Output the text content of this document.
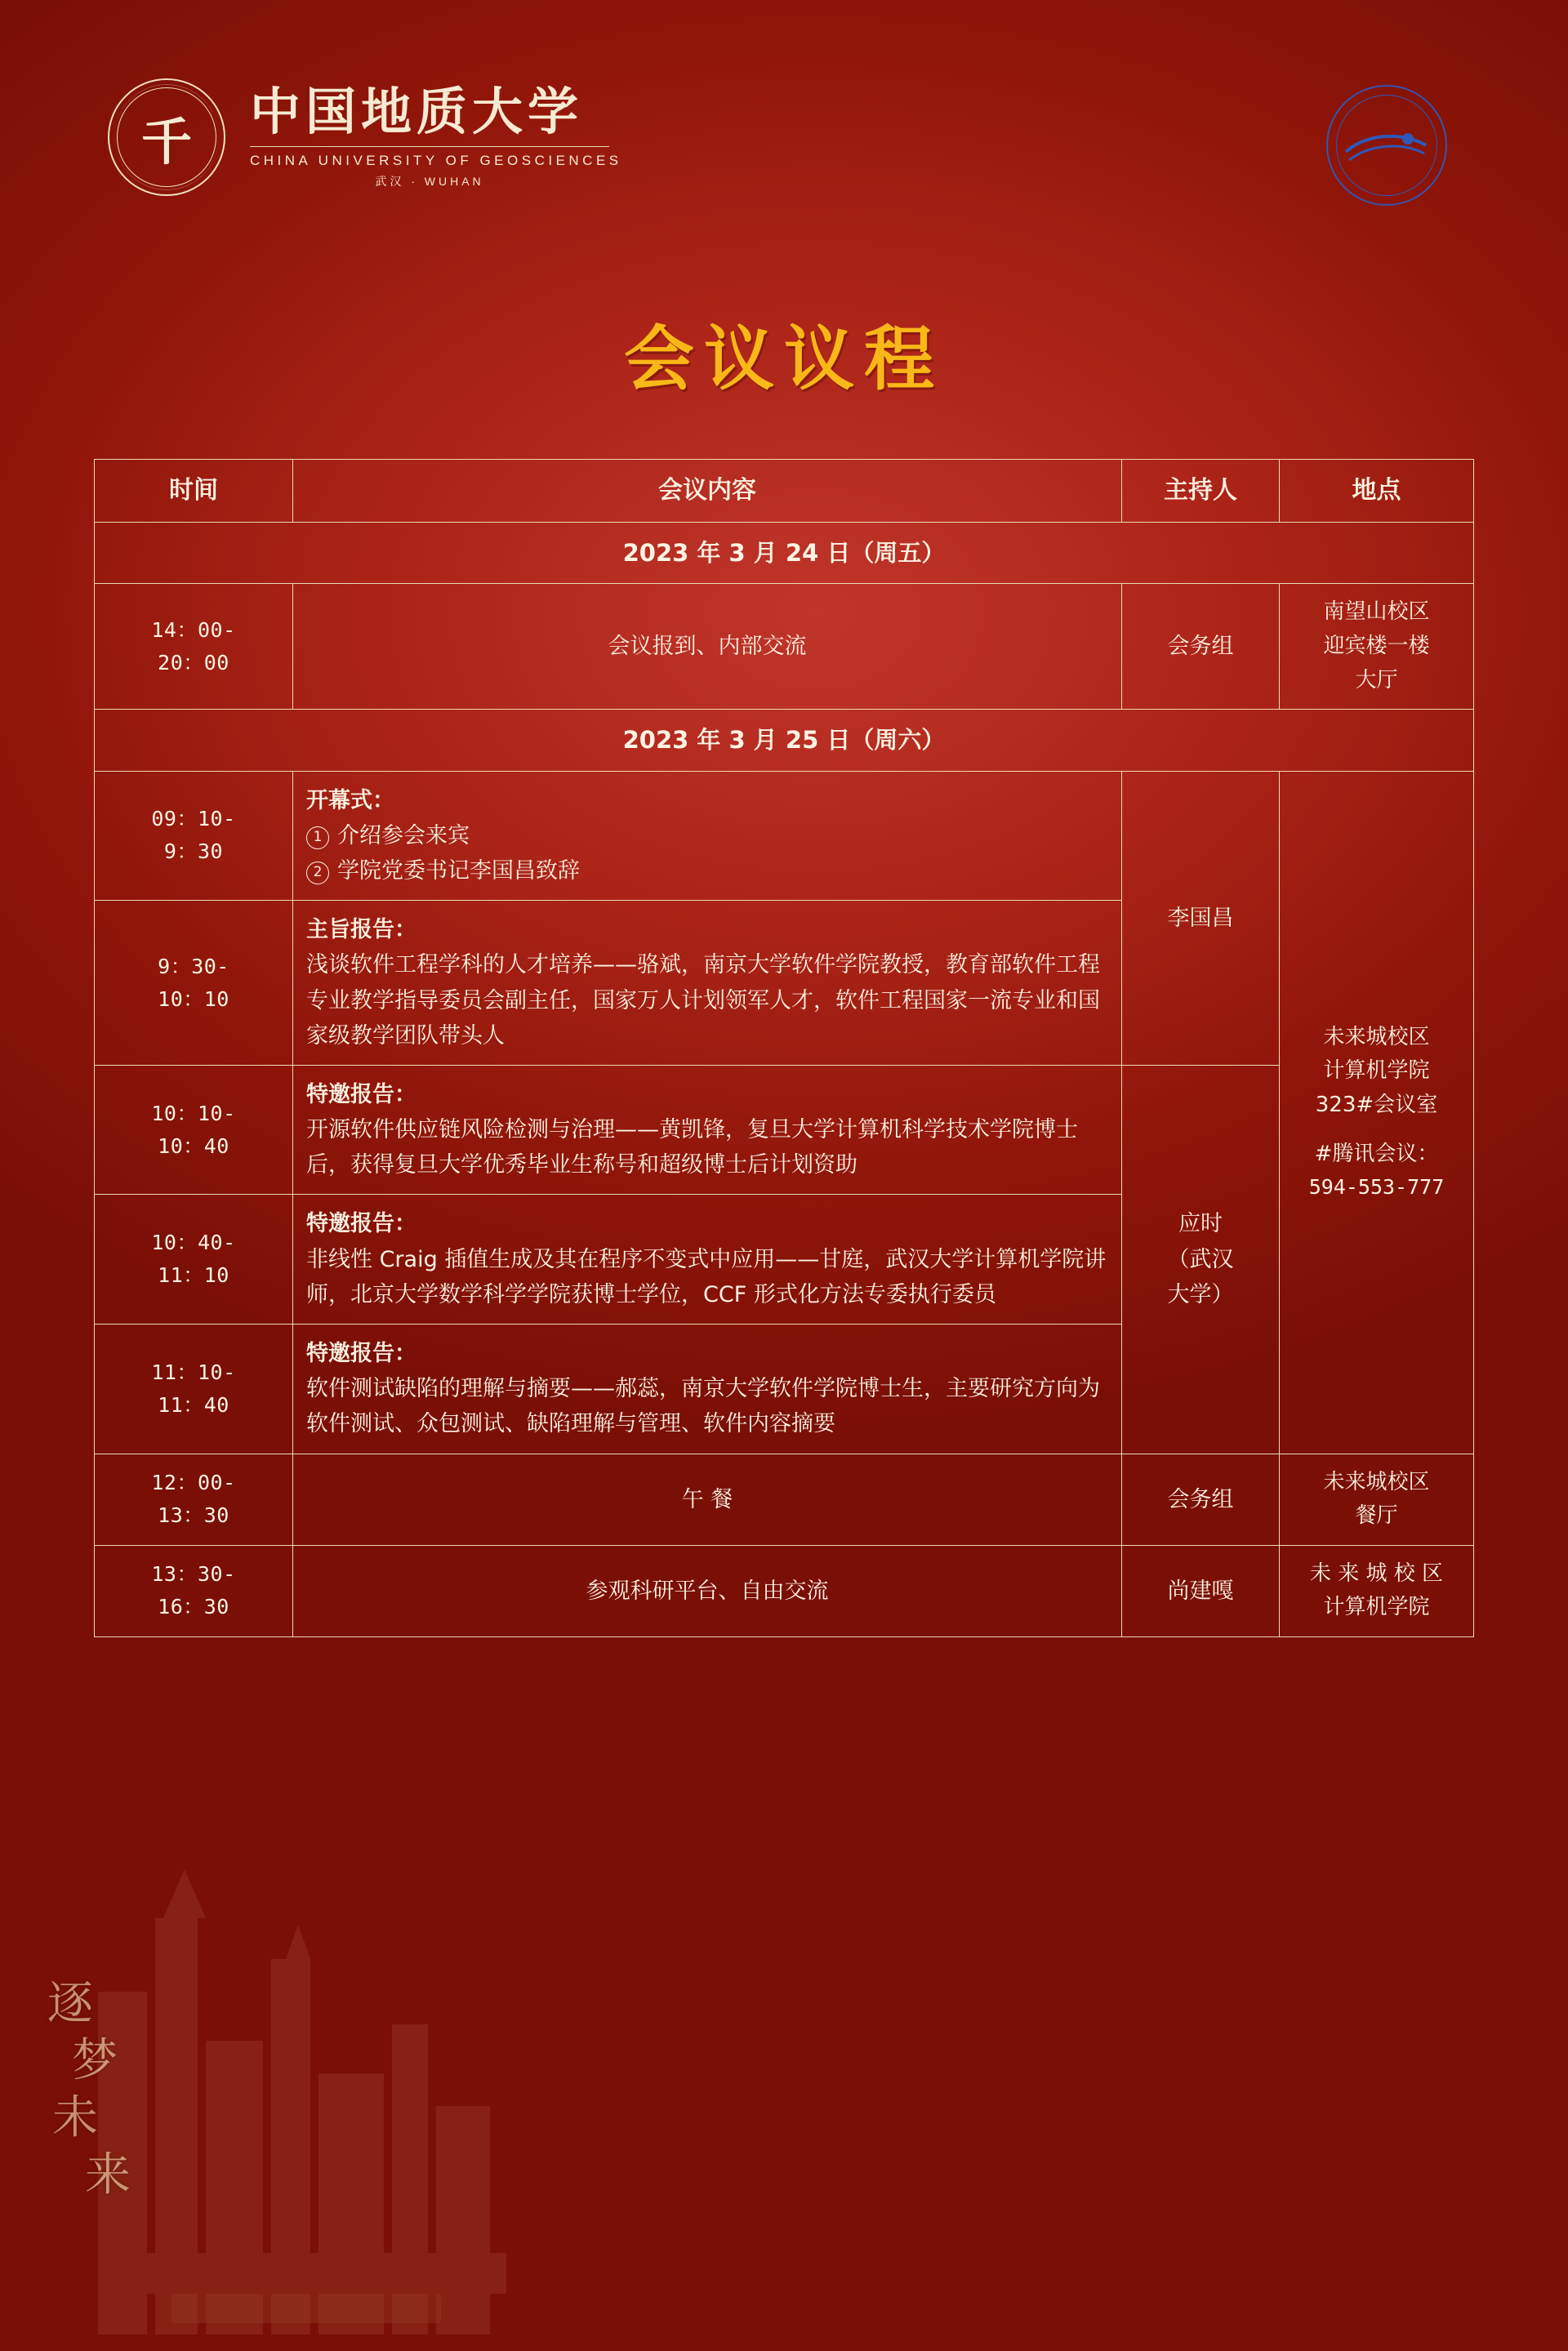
逐
梦
未
来
千
中国地质大学
CHINA UNIVERSITY OF GEOSCIENCES
武汉 · WUHAN
会议议程
时间	会议内容	主持人	地点
2023 年 3 月 24 日（周五）			

14：00-
20：00	会议报到、内部交流	会务组	南望山校区
迎宾楼一楼
大厅

2023 年 3 月 25 日（周六）			

09：10-
9：30	开幕式：
1 介绍参会来宾
2 学院党委书记李国昌致辞	李国昌	未来城校区
计算机学院
323#会议室
#腾讯会议：
594-553-777

9：30-
10：10	主旨报告：
浅谈软件工程学科的人才培养——骆斌，南京大学软件学院教授，教育部软件工程专业教学指导委员会副主任，国家万人计划领军人才，软件工程国家一流专业和国家级教学团队带头人		

10：10-
10：40	特邀报告：
开源软件供应链风险检测与治理——黄凯锋，复旦大学计算机科学技术学院博士后，获得复旦大学优秀毕业生称号和超级博士后计划资助	应时
（武汉
大学）	

10：40-
11：10	特邀报告：
非线性 Craig 插值生成及其在程序不变式中应用——甘庭，武汉大学计算机学院讲师，北京大学数学科学学院获博士学位，CCF 形式化方法专委执行委员		

11：10-
11：40	特邀报告：
软件测试缺陷的理解与摘要——郝蕊，南京大学软件学院博士生，主要研究方向为软件测试、众包测试、缺陷理解与管理、软件内容摘要		

12：00-
13：30	午 餐	会务组	未来城校区
餐厅

13：30-
16：30	参观科研平台、自由交流	尚建嘎	未 来 城 校 区
计算机学院
